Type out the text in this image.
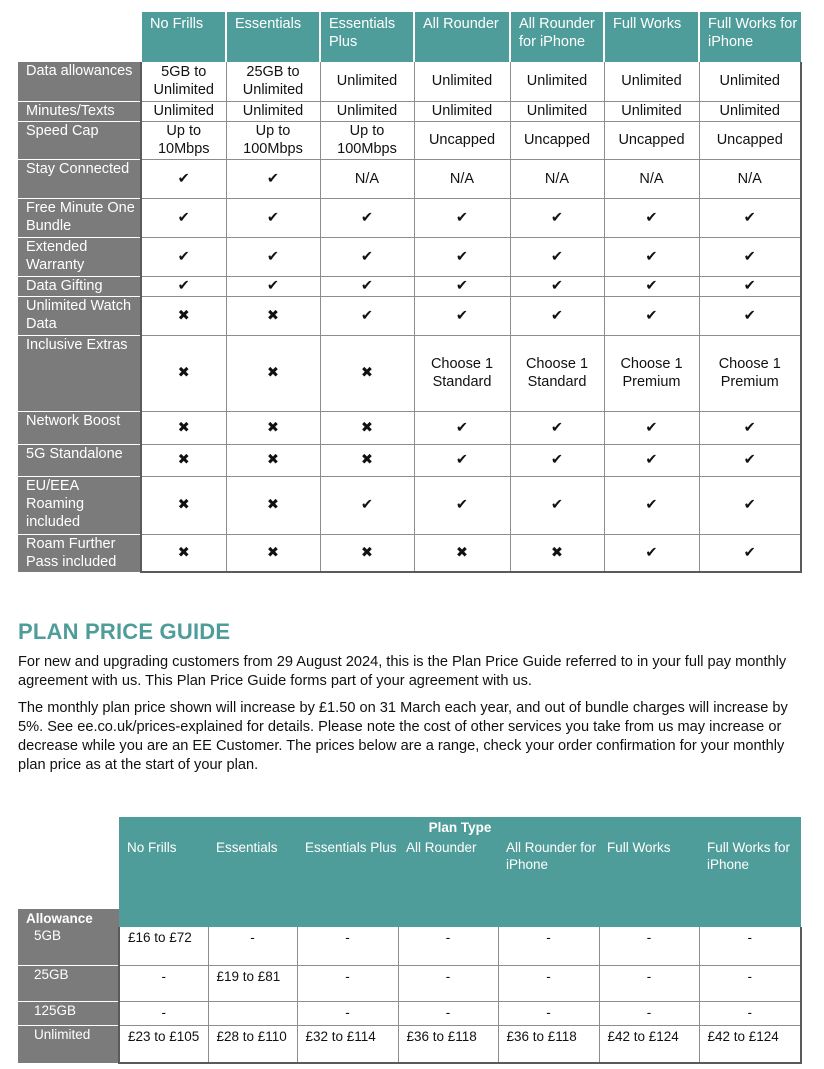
	No Frills	Essentials	Essentials Plus	All Rounder	All Rounder for iPhone	Full Works	Full Works for iPhone
Data allowances	5GB to Unlimited	25GB to Unlimited	Unlimited	Unlimited	Unlimited	Unlimited	Unlimited
Minutes/Texts	Unlimited	Unlimited	Unlimited	Unlimited	Unlimited	Unlimited	Unlimited
Speed Cap	Up to 10Mbps	Up to 100Mbps	Up to 100Mbps	Uncapped	Uncapped	Uncapped	Uncapped
Stay Connected	✔	✔	N/A	N/A	N/A	N/A	N/A
Free Minute One Bundle	✔	✔	✔	✔	✔	✔	✔
Extended Warranty	✔	✔	✔	✔	✔	✔	✔
Data Gifting	✔	✔	✔	✔	✔	✔	✔
Unlimited Watch Data	✖	✖	✔	✔	✔	✔	✔
Inclusive Extras	✖	✖	✖	Choose 1 Standard	Choose 1 Standard	Choose 1 Premium	Choose 1 Premium
Network Boost	✖	✖	✖	✔	✔	✔	✔
5G Standalone	✖	✖	✖	✔	✔	✔	✔
EU/EEA Roaming included	✖	✖	✔	✔	✔	✔	✔
Roam Further Pass included	✖	✖	✖	✖	✖	✔	✔
PLAN PRICE GUIDE

For new and upgrading customers from 29 August 2024, this is the Plan Price Guide referred to in your full pay monthly agreement with us. This Plan Price Guide forms part of your agreement with us.

The monthly plan price shown will increase by £1.50 on 31 March each year, and out of bundle charges will increase by 5%. See ee.co.uk/prices-explained for details. Please note the cost of other services you take from us may increase or decrease while you are an EE Customer. The prices below are a range, check your order confirmation for your monthly plan price as at the start of your plan.

	Plan Type						
	No Frills	Essentials	Essentials Plus	All Rounder	All Rounder for iPhone	Full Works	Full Works for iPhone
Allowance							
5GB	£16 to £72	-	-	-	-	-	-
25GB	-	£19 to £81	-	-	-	-	-
125GB	-		-	-	-	-	-
Unlimited	£23 to £105	£28 to £110	£32 to £114	£36 to £118	£36 to £118	£42 to £124	£42 to £124
